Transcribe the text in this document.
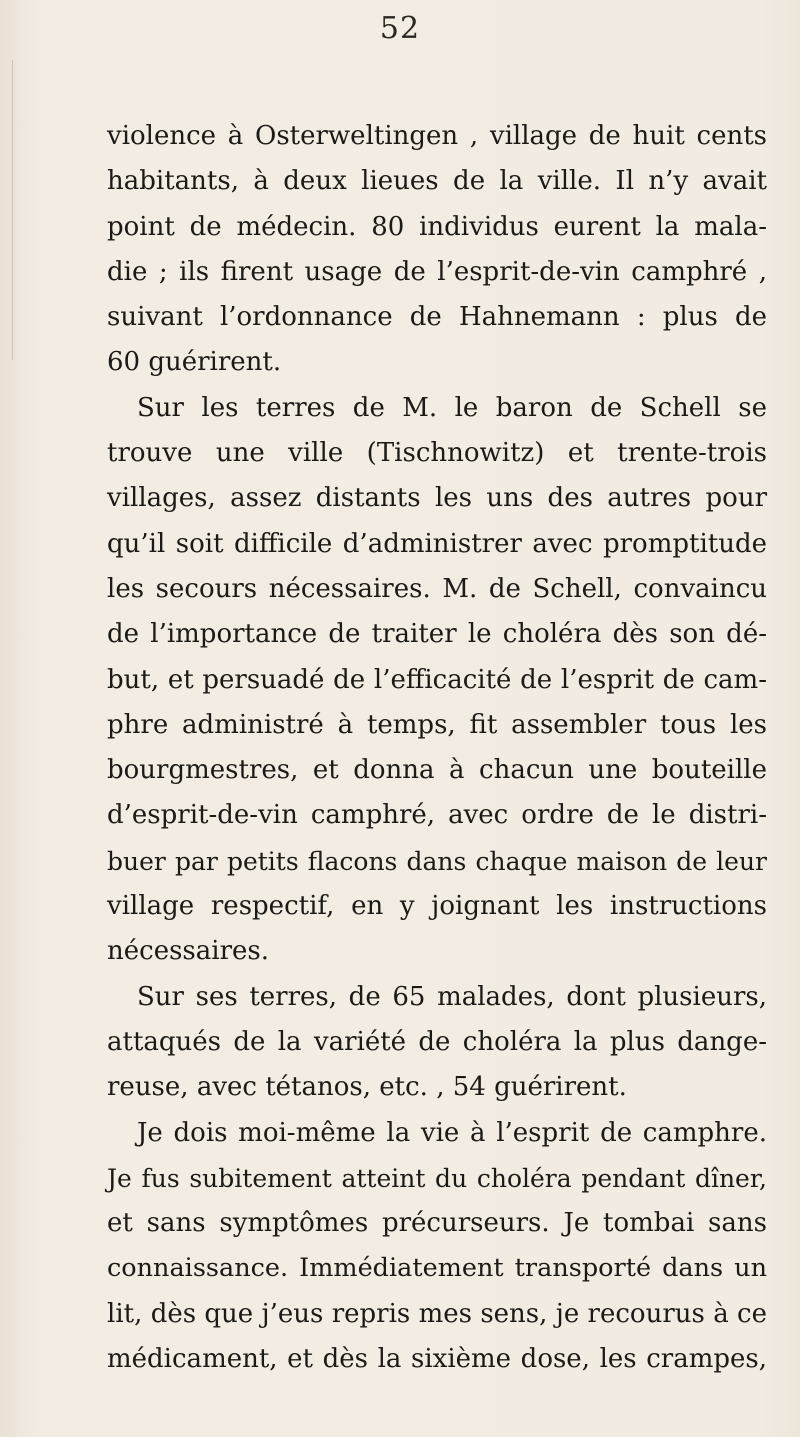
52
violence à Osterweltingen , village de huit cents
habitants, à deux lieues de la ville. Il n’y avait
point de médecin. 80 individus eurent la mala-
die ; ils firent usage de l’esprit-de-vin camphré ,
suivant l’ordonnance de Hahnemann : plus de
60 guérirent.
Sur les terres de M. le baron de Schell se
trouve une ville (Tischnowitz) et trente-trois
villages, assez distants les uns des autres pour
qu’il soit difficile d’administrer avec promptitude
les secours nécessaires. M. de Schell, convaincu
de l’importance de traiter le choléra dès son dé-
but, et persuadé de l’efficacité de l’esprit de cam-
phre administré à temps, fit assembler tous les
bourgmestres, et donna à chacun une bouteille
d’esprit-de-vin camphré, avec ordre de le distri-
buer par petits flacons dans chaque maison de leur
village respectif, en y joignant les instructions
nécessaires.
Sur ses terres, de 65 malades, dont plusieurs,
attaqués de la variété de choléra la plus dange-
reuse, avec tétanos, etc. , 54 guérirent.
Je dois moi-même la vie à l’esprit de camphre.
Je fus subitement atteint du choléra pendant dîner,
et sans symptômes précurseurs. Je tombai sans
connaissance. Immédiatement transporté dans un
lit, dès que j’eus repris mes sens, je recourus à ce
médicament, et dès la sixième dose, les crampes,
